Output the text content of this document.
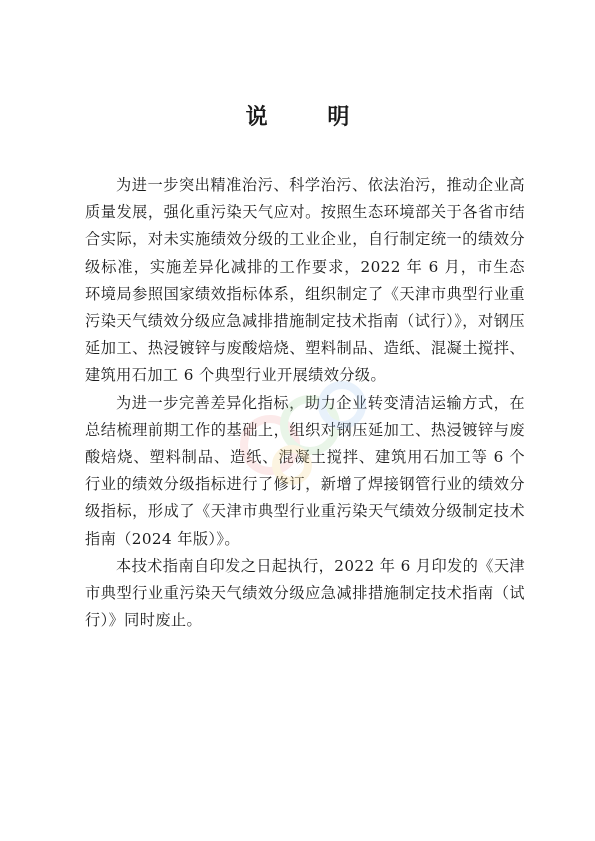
说 明

为进一步突出精准治污、科学治污、依法治污，推动企业高质量发展，强化重污染天气应对。按照生态环境部关于各省市结合实际，对未实施绩效分级的工业企业，自行制定统一的绩效分级标准，实施差异化减排的工作要求，2022 年 6 月，市生态环境局参照国家绩效指标体系，组织制定了《天津市典型行业重污染天气绩效分级应急减排措施制定技术指南（试行）》，对钢压延加工、热浸镀锌与废酸焙烧、塑料制品、造纸、混凝土搅拌、建筑用石加工 6 个典型行业开展绩效分级。

为进一步完善差异化指标，助力企业转变清洁运输方式，在总结梳理前期工作的基础上，组织对钢压延加工、热浸镀锌与废酸焙烧、塑料制品、造纸、混凝土搅拌、建筑用石加工等 6 个行业的绩效分级指标进行了修订，新增了焊接钢管行业的绩效分级指标，形成了《天津市典型行业重污染天气绩效分级制定技术指南（2024 年版）》。

本技术指南自印发之日起执行，2022 年 6 月印发的《天津市典型行业重污染天气绩效分级应急减排措施制定技术指南（试行）》同时废止。
